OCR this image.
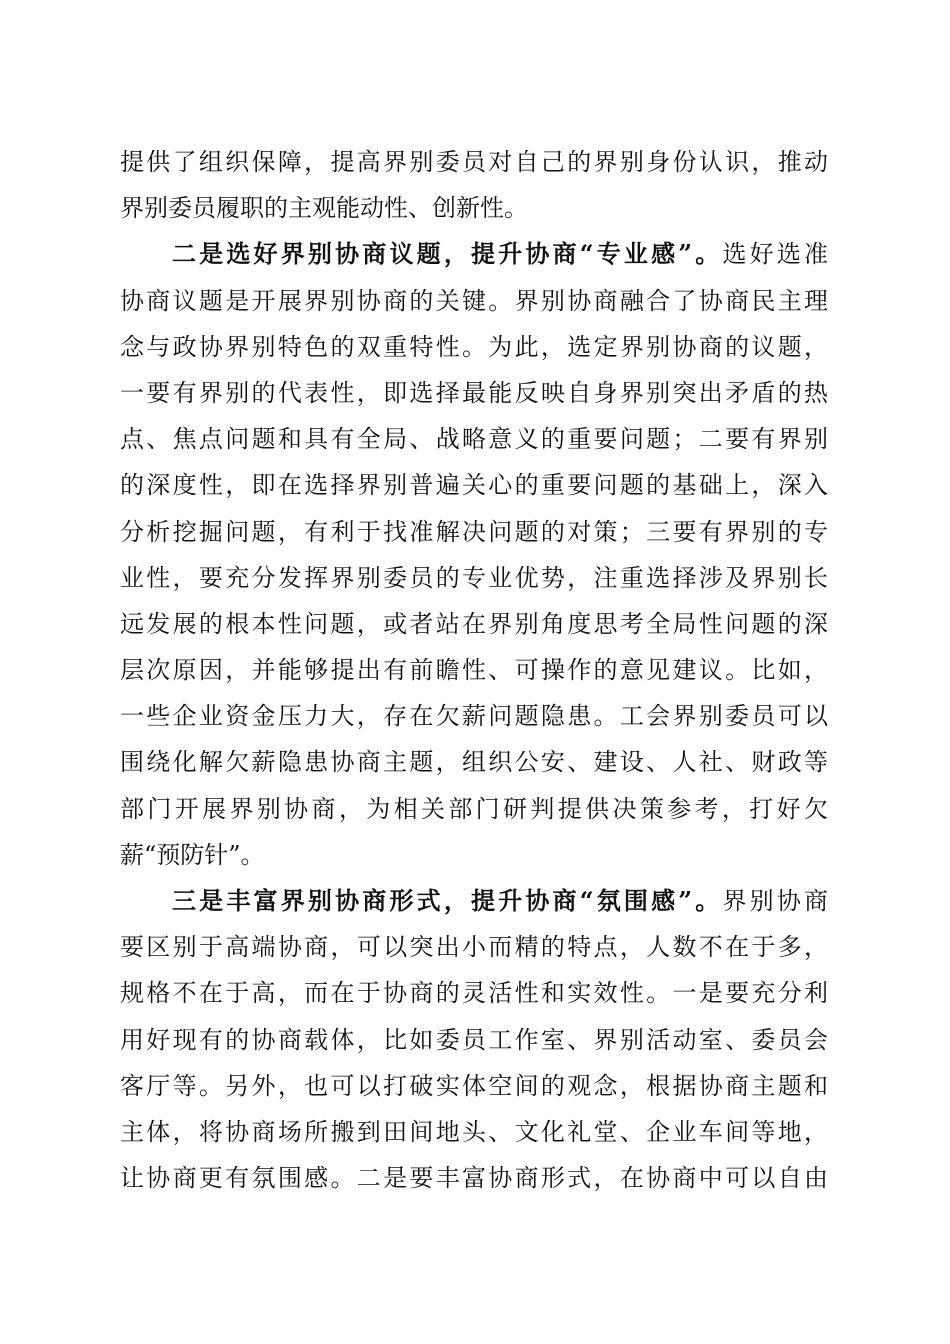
提供了组织保障，提高界别委员对自己的界别身份认识，推动
界别委员履职的主观能动性、创新性。
二是选好界别协商议题，提升协商“专业感”。选好选准
协商议题是开展界别协商的关键。界别协商融合了协商民主理
念与政协界别特色的双重特性。为此，选定界别协商的议题，
一要有界别的代表性，即选择最能反映自身界别突出矛盾的热
点、焦点问题和具有全局、战略意义的重要问题；二要有界别
的深度性，即在选择界别普遍关心的重要问题的基础上，深入
分析挖掘问题，有利于找准解决问题的对策；三要有界别的专
业性，要充分发挥界别委员的专业优势，注重选择涉及界别长
远发展的根本性问题，或者站在界别角度思考全局性问题的深
层次原因，并能够提出有前瞻性、可操作的意见建议。比如，
一些企业资金压力大，存在欠薪问题隐患。工会界别委员可以
围绕化解欠薪隐患协商主题，组织公安、建设、人社、财政等
部门开展界别协商，为相关部门研判提供决策参考，打好欠
薪“预防针”。
三是丰富界别协商形式，提升协商“氛围感”。界别协商
要区别于高端协商，可以突出小而精的特点，人数不在于多，
规格不在于高，而在于协商的灵活性和实效性。一是要充分利
用好现有的协商载体，比如委员工作室、界别活动室、委员会
客厅等。另外，也可以打破实体空间的观念，根据协商主题和
主体，将协商场所搬到田间地头、文化礼堂、企业车间等地，
让协商更有氛围感。二是要丰富协商形式，在协商中可以自由
